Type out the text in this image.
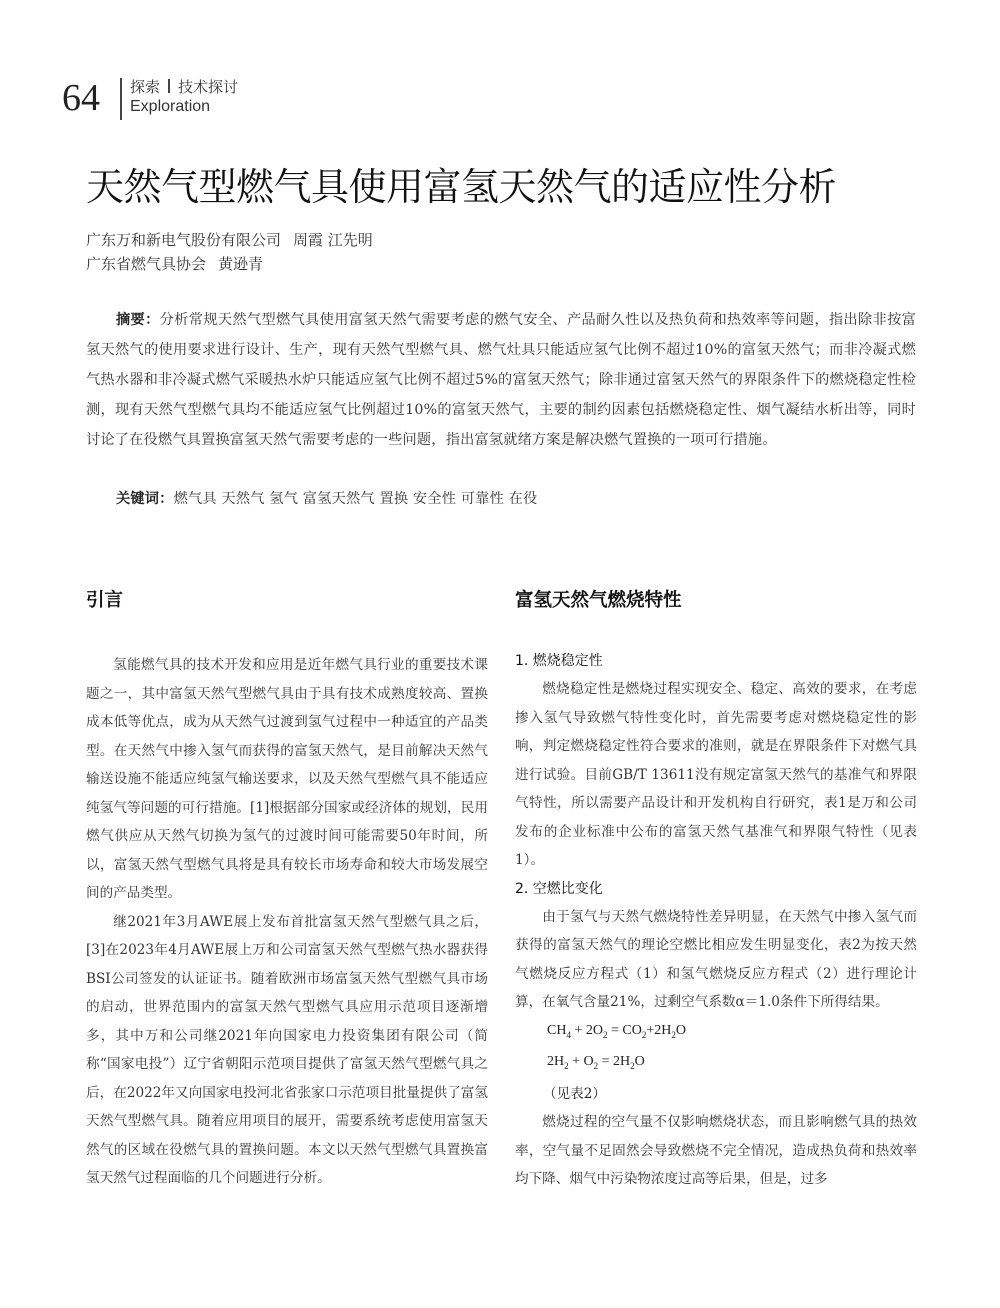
64	探索 技术探讨
Exploration
天然气型燃气具使用富氢天然气的适应性分析
广东万和新电气股份有限公司 周霞 江先明
广东省燃气具协会 黄逊青
摘要：分析常规天然气型燃气具使用富氢天然气需要考虑的燃气安全、产品耐久性以及热负荷和热效率等问题，指出除非按富氢天然气的使用要求进行设计、生产，现有天然气型燃气具、燃气灶具只能适应氢气比例不超过10%的富氢天然气；而非冷凝式燃气热水器和非冷凝式燃气采暖热水炉只能适应氢气比例不超过5%的富氢天然气；除非通过富氢天然气的界限条件下的燃烧稳定性检测，现有天然气型燃气具均不能适应氢气比例超过10%的富氢天然气，主要的制约因素包括燃烧稳定性、烟气凝结水析出等，同时讨论了在役燃气具置换富氢天然气需要考虑的一些问题，指出富氢就绪方案是解决燃气置换的一项可行措施。
关键词：燃气具 天然气 氢气 富氢天然气 置换 安全性 可靠性 在役
引言

氢能燃气具的技术开发和应用是近年燃气具行业的重要技术课题之一，其中富氢天然气型燃气具由于具有技术成熟度较高、置换成本低等优点，成为从天然气过渡到氢气过程中一种适宜的产品类型。在天然气中掺入氢气而获得的富氢天然气，是目前解决天然气输送设施不能适应纯氢气输送要求，以及天然气型燃气具不能适应纯氢气等问题的可行措施。[1]根据部分国家或经济体的规划，民用燃气供应从天然气切换为氢气的过渡时间可能需要50年时间，所以，富氢天然气型燃气具将是具有较长市场寿命和较大市场发展空间的产品类型。

继2021年3月AWE展上发布首批富氢天然气型燃气具之后，[3]在2023年4月AWE展上万和公司富氢天然气型燃气热水器获得BSI公司签发的认证证书。随着欧洲市场富氢天然气型燃气具市场的启动，世界范围内的富氢天然气型燃气具应用示范项目逐渐增多，其中万和公司继2021年向国家电力投资集团有限公司（简称“国家电投”）辽宁省朝阳示范项目提供了富氢天然气型燃气具之后，在2022年又向国家电投河北省张家口示范项目批量提供了富氢天然气型燃气具。随着应用项目的展开，需要系统考虑使用富氢天然气的区域在役燃气具的置换问题。本文以天然气型燃气具置换富氢天然气过程面临的几个问题进行分析。

富氢天然气燃烧特性
1. 燃烧稳定性

燃烧稳定性是燃烧过程实现安全、稳定、高效的要求，在考虑掺入氢气导致燃气特性变化时，首先需要考虑对燃烧稳定性的影响，判定燃烧稳定性符合要求的准则，就是在界限条件下对燃气具进行试验。目前GB/T 13611没有规定富氢天然气的基准气和界限气特性，所以需要产品设计和开发机构自行研究，表1是万和公司发布的企业标准中公布的富氢天然气基准气和界限气特性（见表1）。

2. 空燃比变化

由于氢气与天然气燃烧特性差异明显，在天然气中掺入氢气而获得的富氢天然气的理论空燃比相应发生明显变化，表2为按天然气燃烧反应方程式（1）和氢气燃烧反应方程式（2）进行理论计算，在氧气含量21%，过剩空气系数α＝1.0条件下所得结果。

$CH_4 + 2O_2 = CO_2+2H_2O$
$2H_2 + O_2 = 2H_2O$
（见表2）

燃烧过程的空气量不仅影响燃烧状态，而且影响燃气具的热效率，空气量不足固然会导致燃烧不完全情况，造成热负荷和热效率均下降、烟气中污染物浓度过高等后果，但是，过多
